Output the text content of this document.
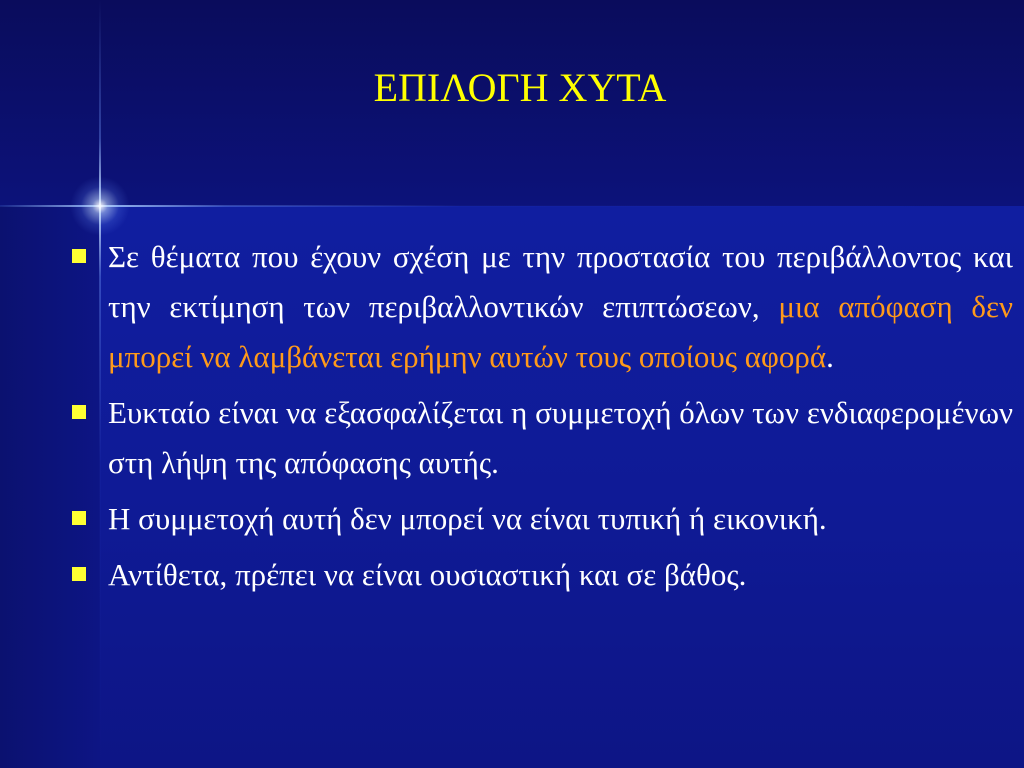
ΕΠΙΛΟΓΗ ΧΥΤΑ
Σε θέματα που έχουν σχέση με την προστασία του περιβάλλοντος και την εκτίμηση των περιβαλλοντικών επιπτώσεων, μια απόφαση δεν μπορεί να λαμβάνεται ερήμην αυτών τους οποίους αφορά.
Ευκταίο είναι να εξασφαλίζεται η συμμετοχή όλων των ενδιαφερομένων στη λήψη της απόφασης αυτής.
Η συμμετοχή αυτή δεν μπορεί να είναι τυπική ή εικονική.
Αντίθετα, πρέπει να είναι ουσιαστική και σε βάθος.
